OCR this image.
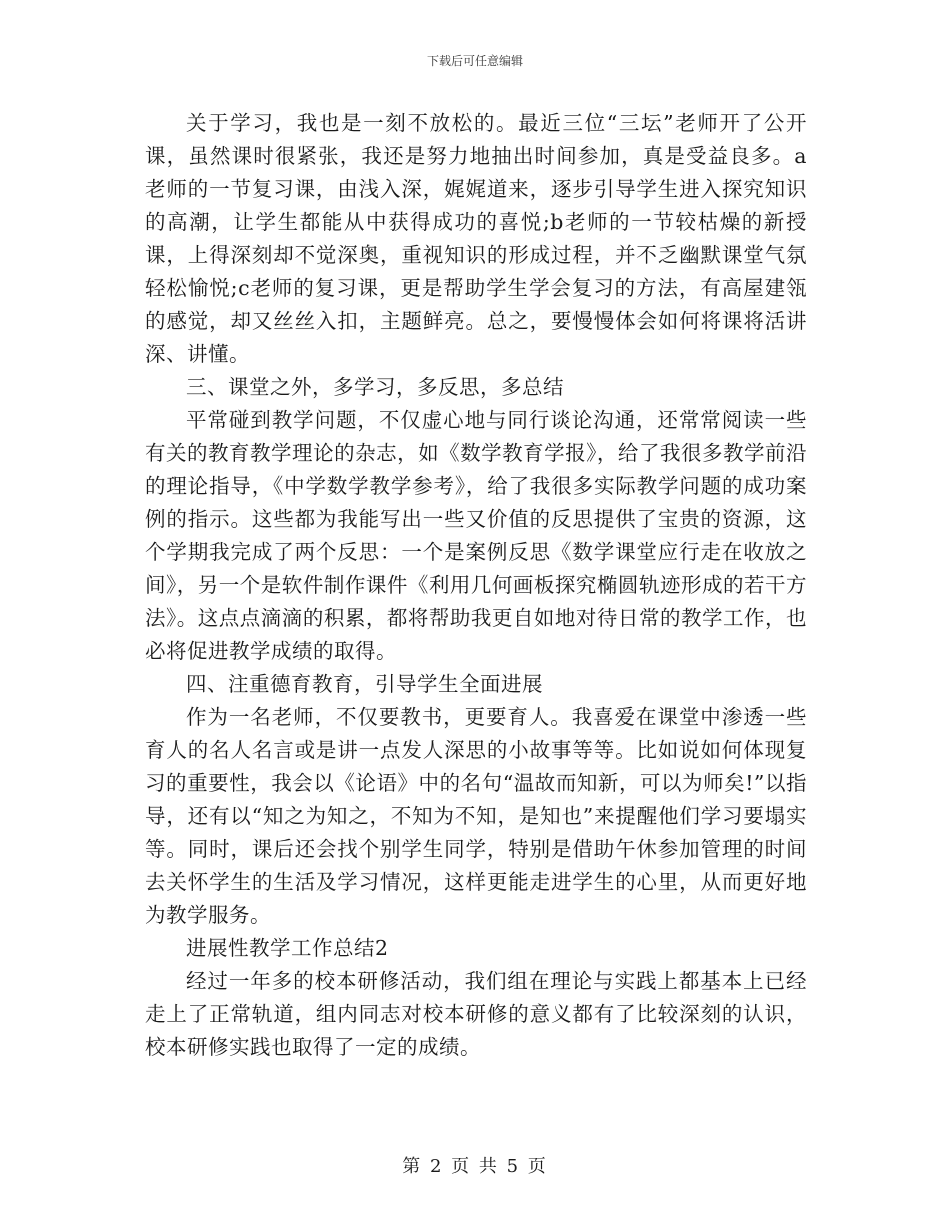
下载后可任意编辑

关于学习，我也是一刻不放松的。最近三位“三坛”老师开了公开课，虽然课时很紧张，我还是努力地抽出时间参加，真是受益良多。a老师的一节复习课，由浅入深，娓娓道来，逐步引导学生进入探究知识的高潮，让学生都能从中获得成功的喜悦;b老师的一节较枯燥的新授课，上得深刻却不觉深奥，重视知识的形成过程，并不乏幽默课堂气氛轻松愉悦;c老师的复习课，更是帮助学生学会复习的方法，有高屋建瓴的感觉，却又丝丝入扣，主题鲜亮。总之，要慢慢体会如何将课将活讲深、讲懂。

三、课堂之外，多学习，多反思，多总结

平常碰到教学问题，不仅虚心地与同行谈论沟通，还常常阅读一些有关的教育教学理论的杂志，如《数学教育学报》，给了我很多教学前沿的理论指导，《中学数学教学参考》，给了我很多实际教学问题的成功案例的指示。这些都为我能写出一些又价值的反思提供了宝贵的资源，这个学期我完成了两个反思：一个是案例反思《数学课堂应行走在收放之间》，另一个是软件制作课件《利用几何画板探究椭圆轨迹形成的若干方法》。这点点滴滴的积累，都将帮助我更自如地对待日常的教学工作，也必将促进教学成绩的取得。

四、注重德育教育，引导学生全面进展

作为一名老师，不仅要教书，更要育人。我喜爱在课堂中渗透一些育人的名人名言或是讲一点发人深思的小故事等等。比如说如何体现复习的重要性，我会以《论语》中的名句“温故而知新，可以为师矣!”以指导，还有以“知之为知之，不知为不知，是知也”来提醒他们学习要塌实等。同时，课后还会找个别学生同学，特别是借助午休参加管理的时间去关怀学生的生活及学习情况，这样更能走进学生的心里，从而更好地为教学服务。

进展性教学工作总结2

经过一年多的校本研修活动，我们组在理论与实践上都基本上已经走上了正常轨道，组内同志对校本研修的意义都有了比较深刻的认识，校本研修实践也取得了一定的成绩。

第 2 页 共 5 页
